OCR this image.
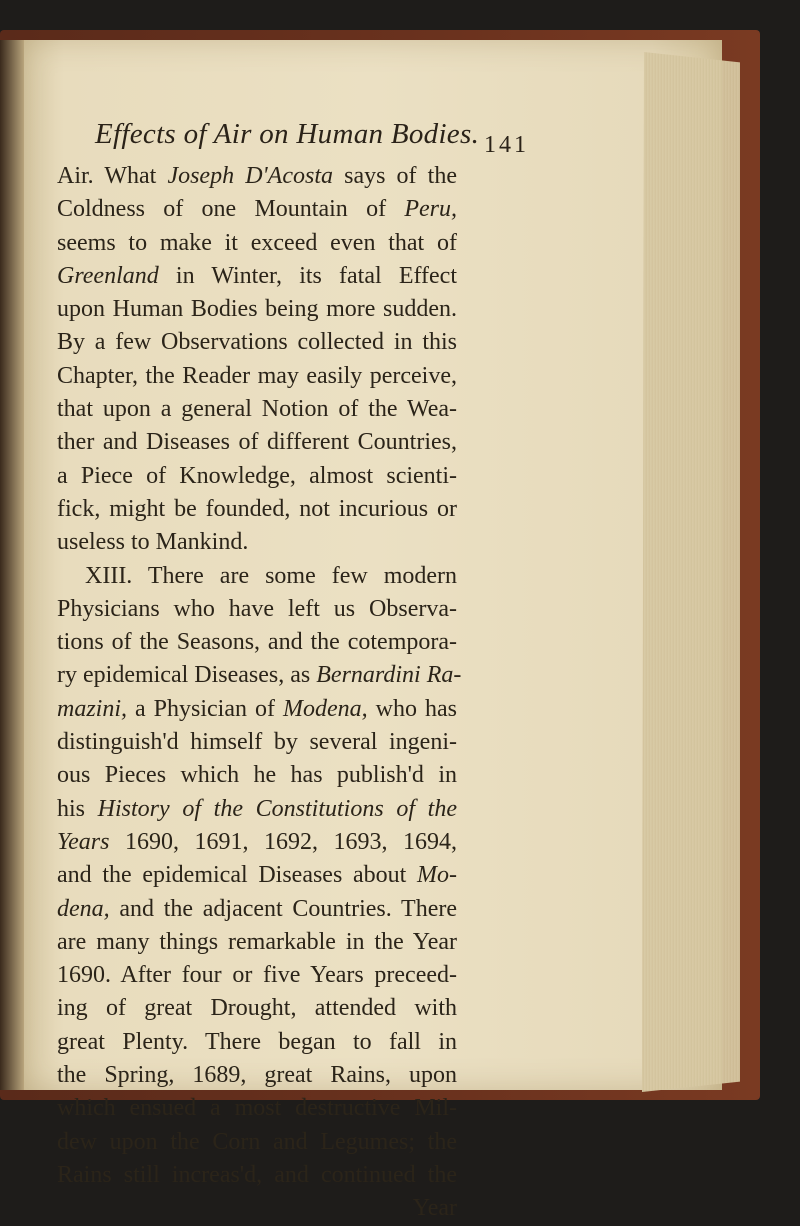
Effects of Air on Human Bodies. 141
Air. What Joseph D'Acosta says of the
Coldness of one Mountain of Peru,
seems to make it exceed even that of
Greenland in Winter, its fatal Effect
upon Human Bodies being more sudden.
By a few Observations collected in this
Chapter, the Reader may easily perceive,
that upon a general Notion of the Wea-
ther and Diseases of different Countries,
a Piece of Knowledge, almost scienti-
fick, might be founded, not incurious or
useless to Mankind.
XIII. There are some few modern
Physicians who have left us Observa-
tions of the Seasons, and the cotempora-
ry epidemical Diseases, as Bernardini Ra-
mazini, a Physician of Modena, who has
distinguish'd himself by several ingeni-
ous Pieces which he has publish'd in
his History of the Constitutions of the
Years 1690, 1691, 1692, 1693, 1694,
and the epidemical Diseases about Mo-
dena, and the adjacent Countries. There
are many things remarkable in the Year
1690. After four or five Years preceed-
ing of great Drought, attended with
great Plenty. There began to fall in
the Spring, 1689, great Rains, upon
which ensued a most destructive Mil-
dew upon the Corn and Legumes; the
Rains still increas'd, and continued the
Year
